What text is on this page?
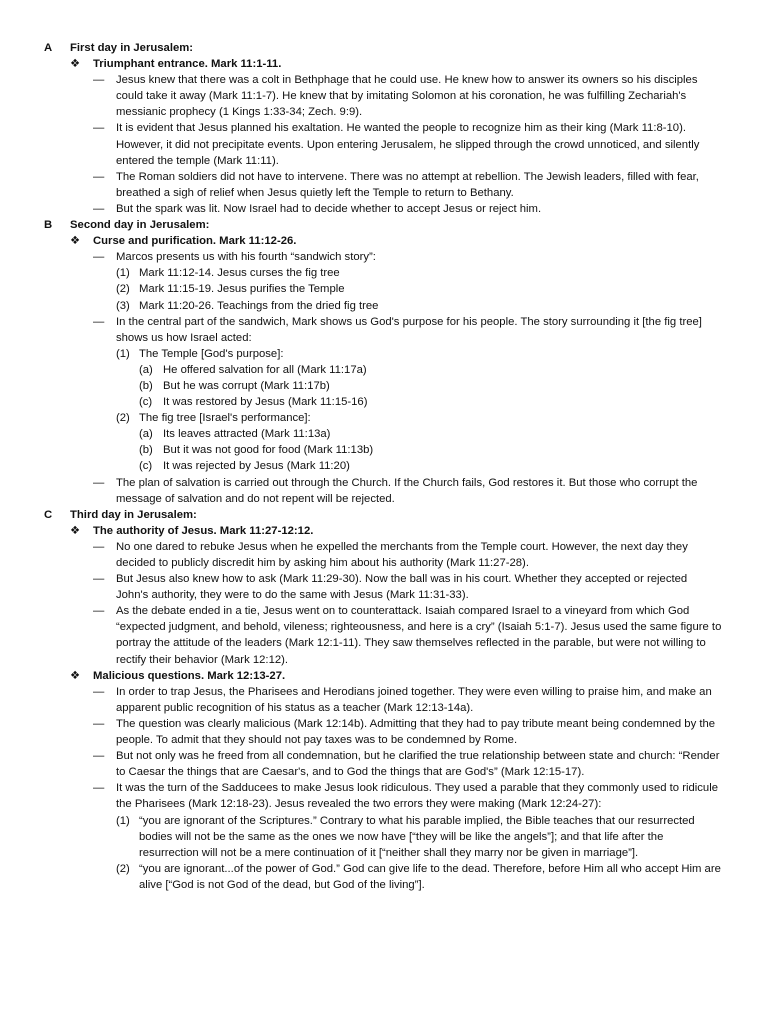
A First day in Jerusalem:
❖ Triumphant entrance. Mark 11:1-11.
— Jesus knew that there was a colt in Bethphage that he could use. He knew how to answer its owners so his disciples could take it away (Mark 11:1-7). He knew that by imitating Solomon at his coronation, he was fulfilling Zechariah's messianic prophecy (1 Kings 1:33-34; Zech. 9:9).
— It is evident that Jesus planned his exaltation. He wanted the people to recognize him as their king (Mark 11:8-10). However, it did not precipitate events. Upon entering Jerusalem, he slipped through the crowd unnoticed, and silently entered the temple (Mark 11:11).
— The Roman soldiers did not have to intervene. There was no attempt at rebellion. The Jewish leaders, filled with fear, breathed a sigh of relief when Jesus quietly left the Temple to return to Bethany.
— But the spark was lit. Now Israel had to decide whether to accept Jesus or reject him.
B Second day in Jerusalem:
❖ Curse and purification. Mark 11:12-26.
— Marcos presents us with his fourth “sandwich story”:
(1) Mark 11:12-14. Jesus curses the fig tree
(2) Mark 11:15-19. Jesus purifies the Temple
(3) Mark 11:20-26. Teachings from the dried fig tree
— In the central part of the sandwich, Mark shows us God's purpose for his people. The story surrounding it [the fig tree] shows us how Israel acted:
(1) The Temple [God's purpose]:
(a) He offered salvation for all (Mark 11:17a)
(b) But he was corrupt (Mark 11:17b)
(c) It was restored by Jesus (Mark 11:15-16)
(2) The fig tree [Israel's performance]:
(a) Its leaves attracted (Mark 11:13a)
(b) But it was not good for food (Mark 11:13b)
(c) It was rejected by Jesus (Mark 11:20)
— The plan of salvation is carried out through the Church. If the Church fails, God restores it. But those who corrupt the message of salvation and do not repent will be rejected.
C Third day in Jerusalem:
❖ The authority of Jesus. Mark 11:27-12:12.
— No one dared to rebuke Jesus when he expelled the merchants from the Temple court. However, the next day they decided to publicly discredit him by asking him about his authority (Mark 11:27-28).
— But Jesus also knew how to ask (Mark 11:29-30). Now the ball was in his court. Whether they accepted or rejected John's authority, they were to do the same with Jesus (Mark 11:31-33).
— As the debate ended in a tie, Jesus went on to counterattack. Isaiah compared Israel to a vineyard from which God “expected judgment, and behold, vileness; righteousness, and here is a cry” (Isaiah 5:1-7). Jesus used the same figure to portray the attitude of the leaders (Mark 12:1-11). They saw themselves reflected in the parable, but were not willing to rectify their behavior (Mark 12:12).
❖ Malicious questions. Mark 12:13-27.
— In order to trap Jesus, the Pharisees and Herodians joined together. They were even willing to praise him, and make an apparent public recognition of his status as a teacher (Mark 12:13-14a).
— The question was clearly malicious (Mark 12:14b). Admitting that they had to pay tribute meant being condemned by the people. To admit that they should not pay taxes was to be condemned by Rome.
— But not only was he freed from all condemnation, but he clarified the true relationship between state and church: “Render to Caesar the things that are Caesar's, and to God the things that are God's” (Mark 12:15-17).
— It was the turn of the Sadducees to make Jesus look ridiculous. They used a parable that they commonly used to ridicule the Pharisees (Mark 12:18-23). Jesus revealed the two errors they were making (Mark 12:24-27):
(1) “you are ignorant of the Scriptures.” Contrary to what his parable implied, the Bible teaches that our resurrected bodies will not be the same as the ones we now have [“they will be like the angels”]; and that life after the resurrection will not be a mere continuation of it [“neither shall they marry nor be given in marriage”].
(2) “you are ignorant...of the power of God.” God can give life to the dead. Therefore, before Him all who accept Him are alive [“God is not God of the dead, but God of the living”].
